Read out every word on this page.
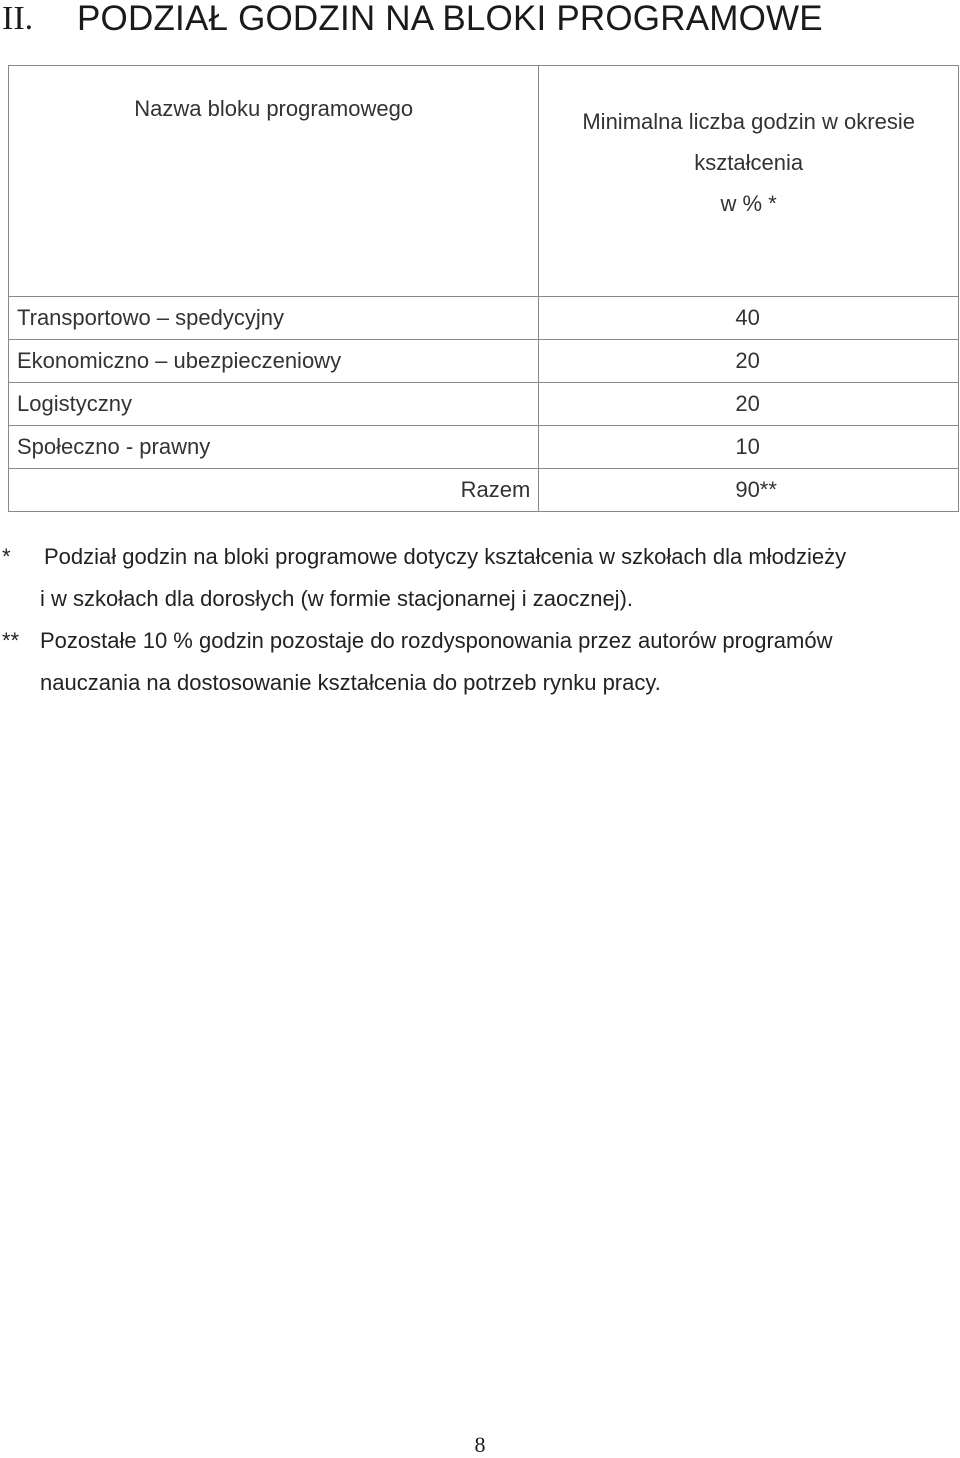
II.	PODZIAŁ GODZIN NA BLOKI PROGRAMOWE
Nazwa bloku programowego	Minimalna liczba godzin w okresie
kształcenia
w % *
Transportowo – spedycyjny	40
Ekonomiczno – ubezpieczeniowy	20
Logistyczny	20
Społeczno - prawny	10
Razem	90**
*	Podział godzin na bloki programowe dotyczy kształcenia w szkołach dla młodzieży
i w szkołach dla dorosłych (w formie stacjonarnej i zaocznej).
** Pozostałe 10 % godzin pozostaje do rozdysponowania przez autorów programów
nauczania na dostosowanie kształcenia do potrzeb rynku pracy.
8
